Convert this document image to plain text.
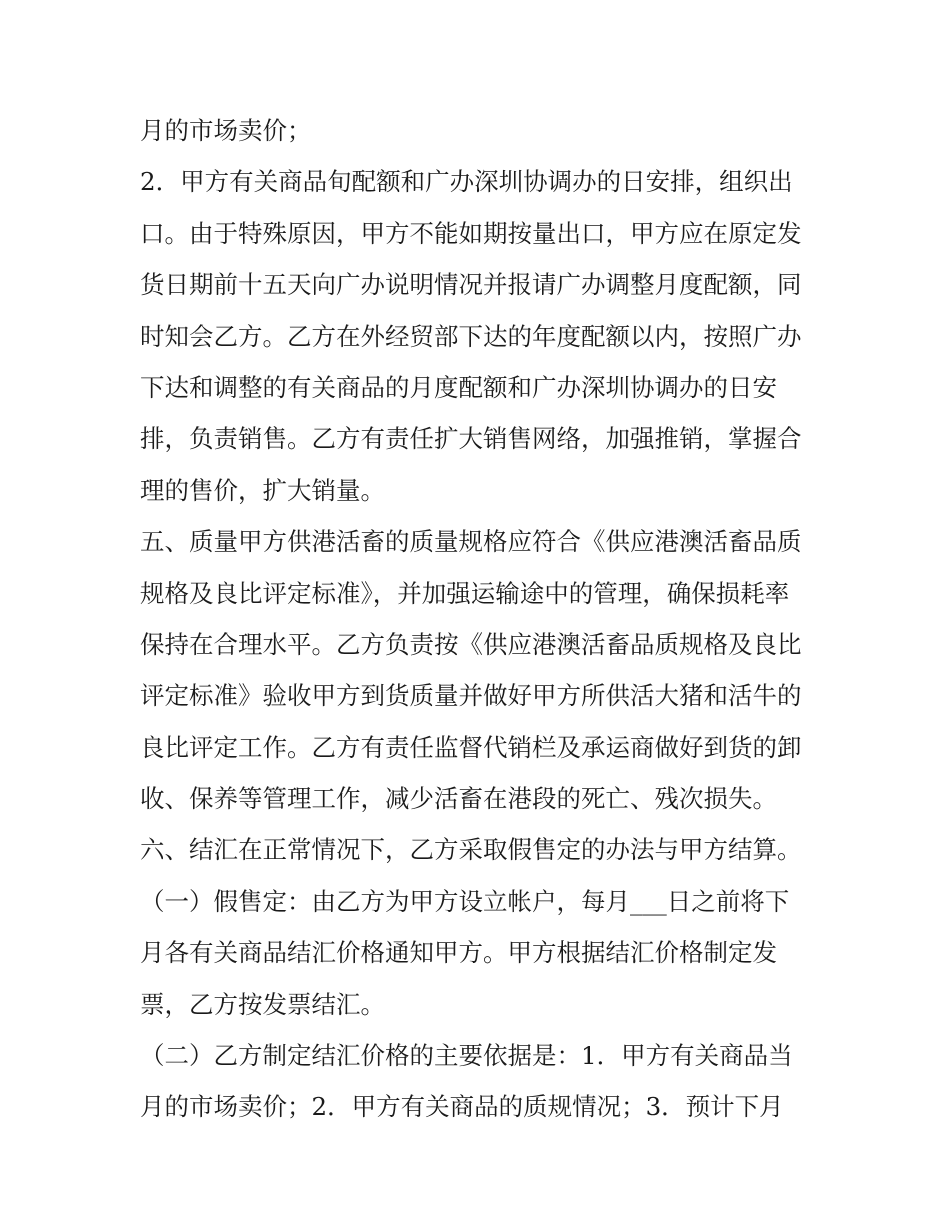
月的市场卖价；
2．甲方有关商品旬配额和广办深圳协调办的日安排，组织出
口。由于特殊原因，甲方不能如期按量出口，甲方应在原定发
货日期前十五天向广办说明情况并报请广办调整月度配额，同
时知会乙方。乙方在外经贸部下达的年度配额以内，按照广办
下达和调整的有关商品的月度配额和广办深圳协调办的日安
排，负责销售。乙方有责任扩大销售网络，加强推销，掌握合
理的售价，扩大销量。
五、质量甲方供港活畜的质量规格应符合《供应港澳活畜品质
规格及良比评定标准》，并加强运输途中的管理，确保损耗率
保持在合理水平。乙方负责按《供应港澳活畜品质规格及良比
评定标准》验收甲方到货质量并做好甲方所供活大猪和活牛的
良比评定工作。乙方有责任监督代销栏及承运商做好到货的卸
收、保养等管理工作，减少活畜在港段的死亡、残次损失。
六、结汇在正常情况下，乙方采取假售定的办法与甲方结算。
（一）假售定：由乙方为甲方设立帐户，每月___日之前将下
月各有关商品结汇价格通知甲方。甲方根据结汇价格制定发
票，乙方按发票结汇。
（二）乙方制定结汇价格的主要依据是：1．甲方有关商品当
月的市场卖价；2．甲方有关商品的质规情况；3．预计下月
